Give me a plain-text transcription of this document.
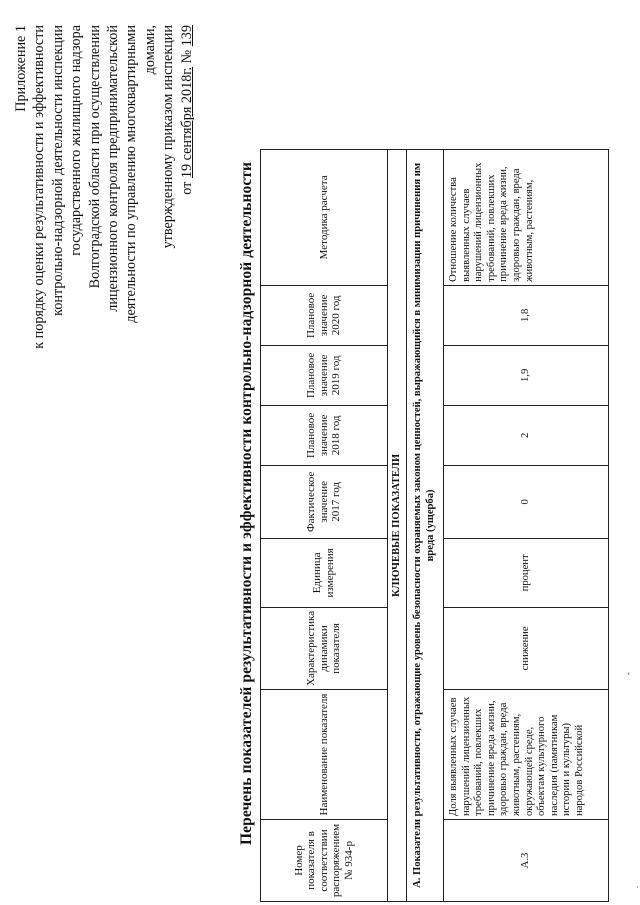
Приложение 1 к порядку оценки результативности и эффективности контрольно-надзорной деятельности инспекции государственного жилищного надзора Волгоградской области при осуществлении лицензионного контроля предпринимательской деятельности по управлению многоквартирными домами, утвержденному приказом инспекции от 19 сентября 2018г. № 139
Перечень показателей результативности и эффективности контрольно-надзорной деятельности
Номер показателя в соответствии распоряжением № 934-р	Наименование показателя	Характеристика динамики показателя	Единица измерения	Фактическое значение 2017 год	Плановое значение 2018 год	Плановое значение 2019 год	Плановое значение 2020 год	Методика расчета
КЛЮЧЕВЫЕ ПОКАЗАТЕЛИ								
А. Показатели результативности, отражающие уровень безопасности охраняемых законом ценностей, выражающийся в минимизации причинения им вреда (ущерба)								
А.3	Доля выявленных случаев нарушений лицензионных требований, повлекших причинение вреда жизни, здоровью граждан, вреда животным, растениям, окружающей среде, объектам культурного наследия (памятникам истории и культуры) народов Российской	снижение	процент	0	2	1,9	1,8	Отношение количества выявленных случаев нарушений лицензионных требований, повлекших причинение вреда жизни, здоровью граждан, вреда животным, растениям,
.
-
